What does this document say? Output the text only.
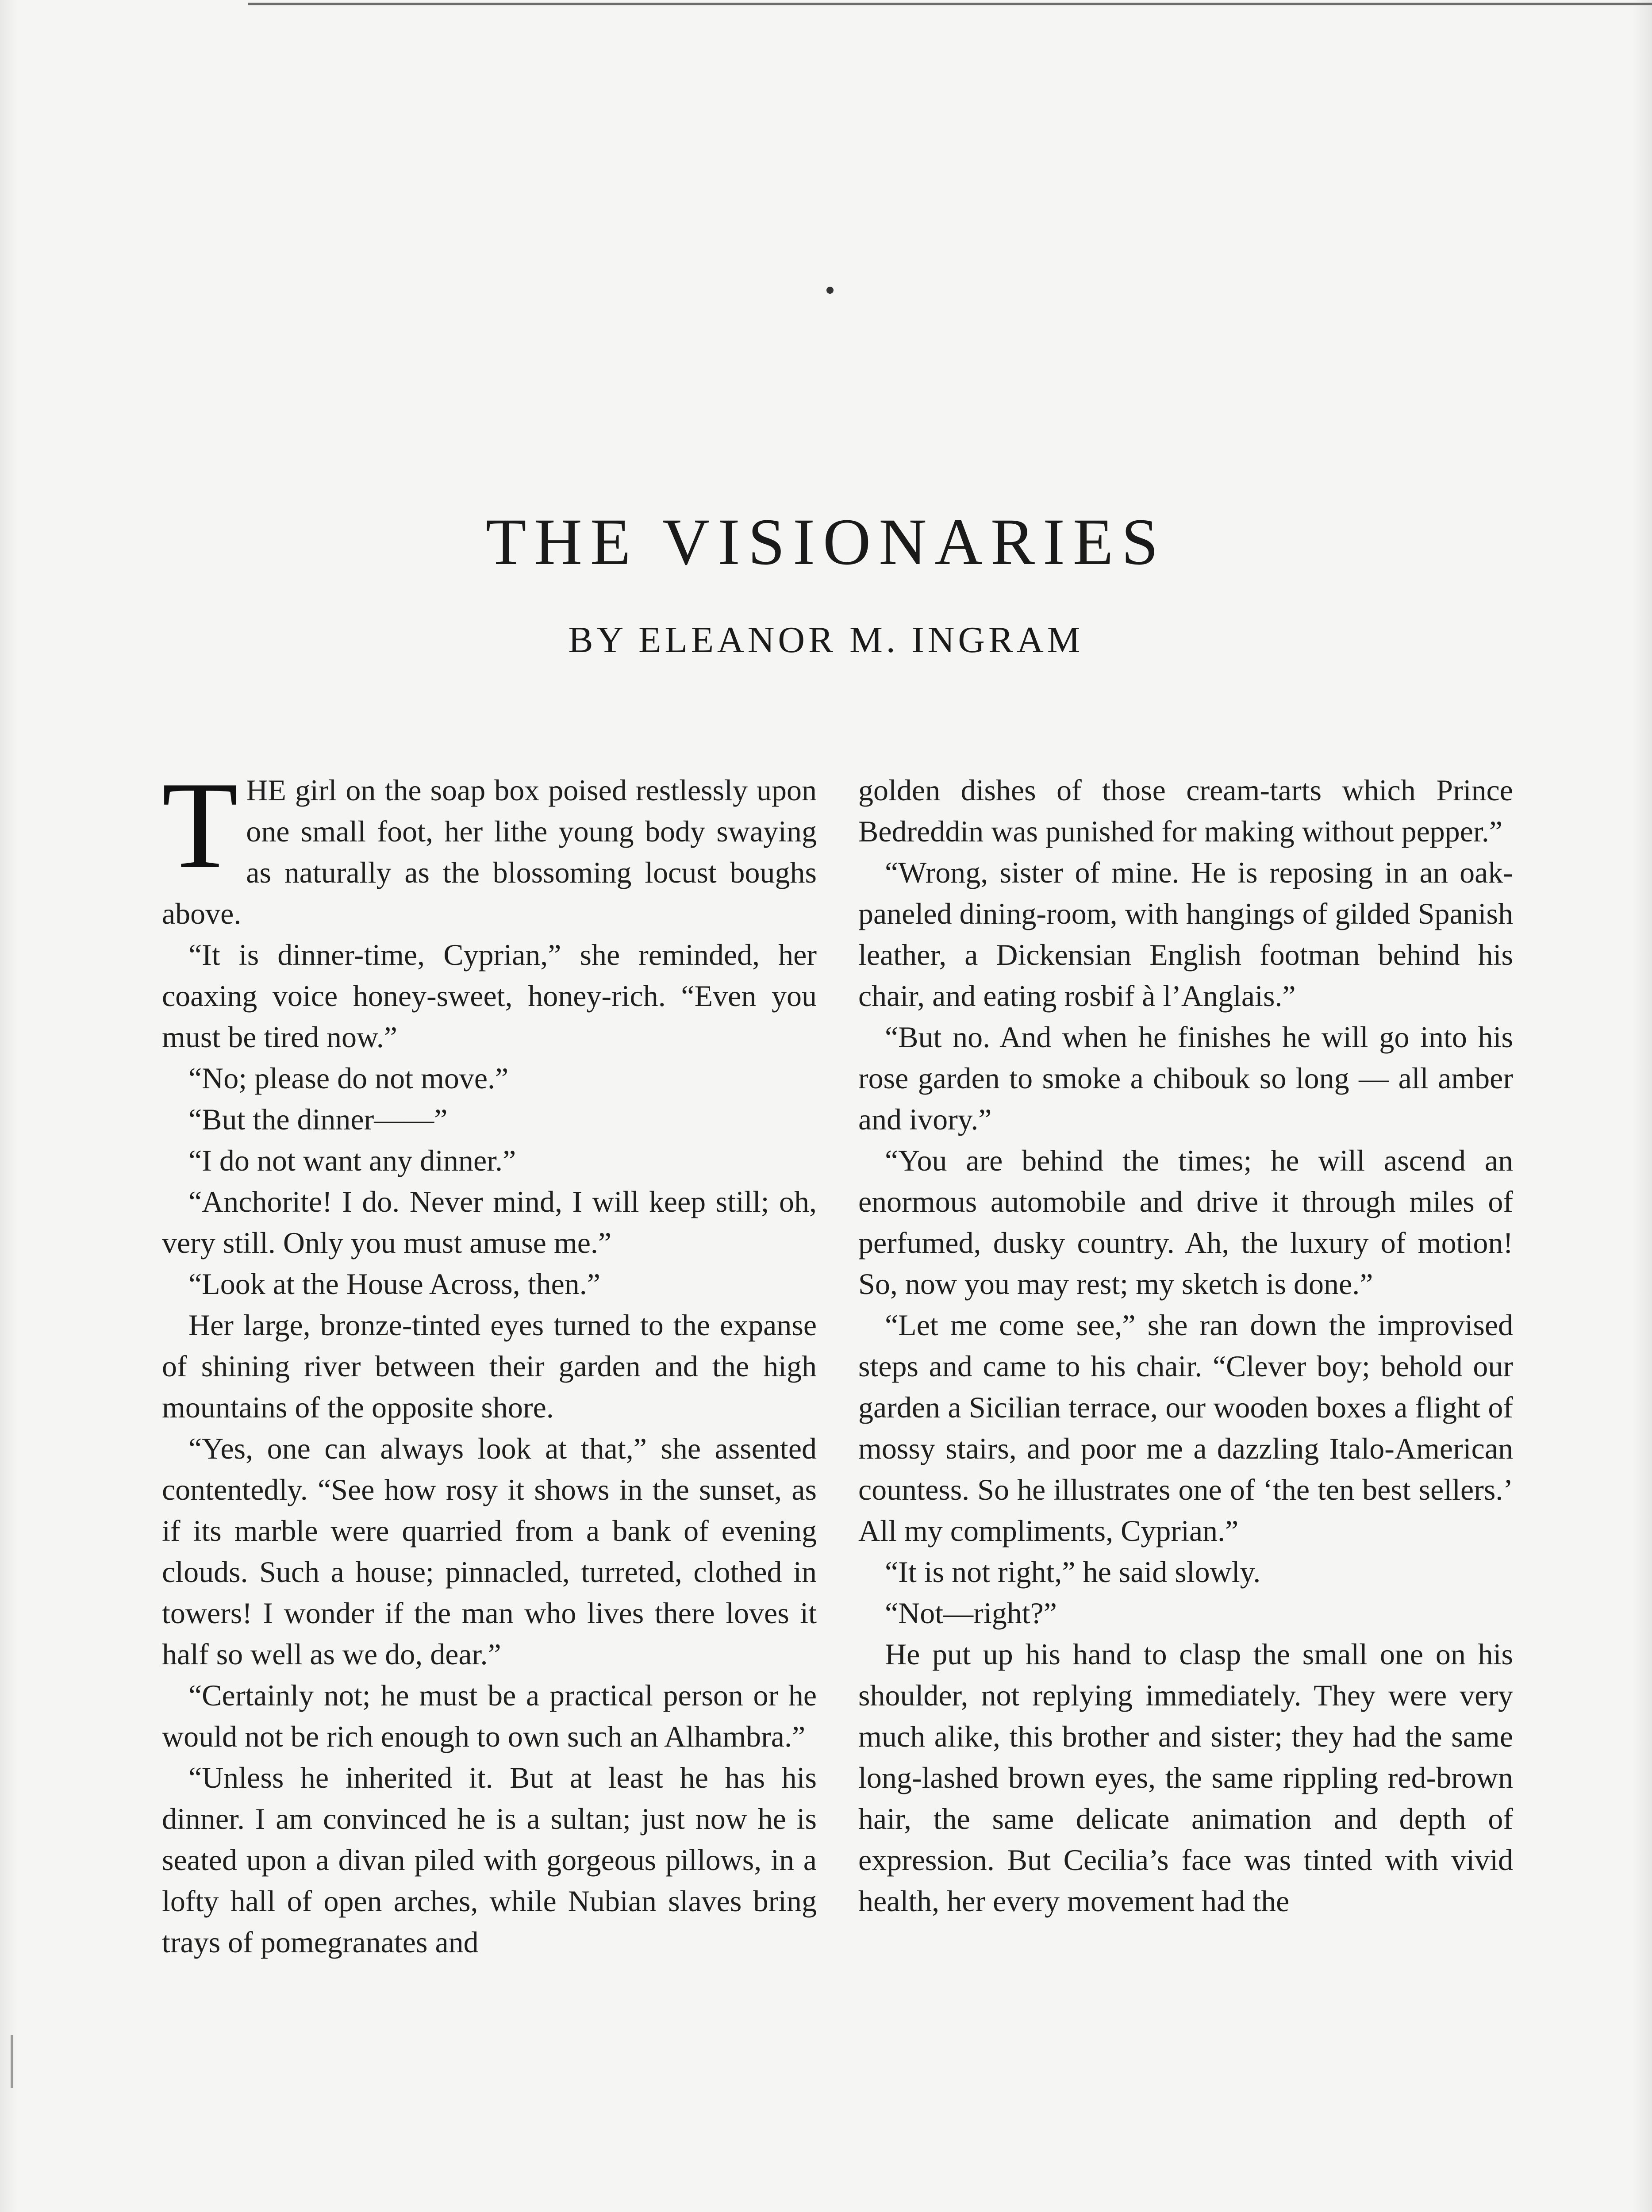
THE VISIONARIES
BY ELEANOR M. INGRAM

THE girl on the soap box poised restlessly upon one small foot, her lithe young body swaying as naturally as the blossoming locust boughs above.

“It is dinner-time, Cyprian,” she reminded, her coaxing voice honey-sweet, honey-rich. “Even you must be tired now.”

“No; please do not move.”

“But the dinner——”

“I do not want any dinner.”

“Anchorite! I do. Never mind, I will keep still; oh, very still. Only you must amuse me.”

“Look at the House Across, then.”

Her large, bronze-tinted eyes turned to the expanse of shining river between their garden and the high mountains of the opposite shore.

“Yes, one can always look at that,” she assented contentedly. “See how rosy it shows in the sunset, as if its marble were quarried from a bank of evening clouds. Such a house; pinnacled, turreted, clothed in towers! I wonder if the man who lives there loves it half so well as we do, dear.”

“Certainly not; he must be a practical person or he would not be rich enough to own such an Alhambra.”

“Unless he inherited it. But at least he has his dinner. I am convinced he is a sultan; just now he is seated upon a divan piled with gorgeous pillows, in a lofty hall of open arches, while Nubian slaves bring trays of pomegranates and

golden dishes of those cream-tarts which Prince Bedreddin was punished for making without pepper.”

“Wrong, sister of mine. He is reposing in an oak-paneled dining-room, with hangings of gilded Spanish leather, a Dickensian English footman behind his chair, and eating rosbif à l’Anglais.”

“But no. And when he finishes he will go into his rose garden to smoke a chibouk so long — all amber and ivory.”

“You are behind the times; he will ascend an enormous automobile and drive it through miles of perfumed, dusky country. Ah, the luxury of motion! So, now you may rest; my sketch is done.”

“Let me come see,” she ran down the improvised steps and came to his chair. “Clever boy; behold our garden a Sicilian terrace, our wooden boxes a flight of mossy stairs, and poor me a dazzling Italo-American countess. So he illustrates one of ‘the ten best sellers.’ All my compliments, Cyprian.”

“It is not right,” he said slowly.

“Not—right?”

He put up his hand to clasp the small one on his shoulder, not replying immediately. They were very much alike, this brother and sister; they had the same long-lashed brown eyes, the same rippling red-brown hair, the same delicate animation and depth of expression. But Cecilia’s face was tinted with vivid health, her every movement had the
